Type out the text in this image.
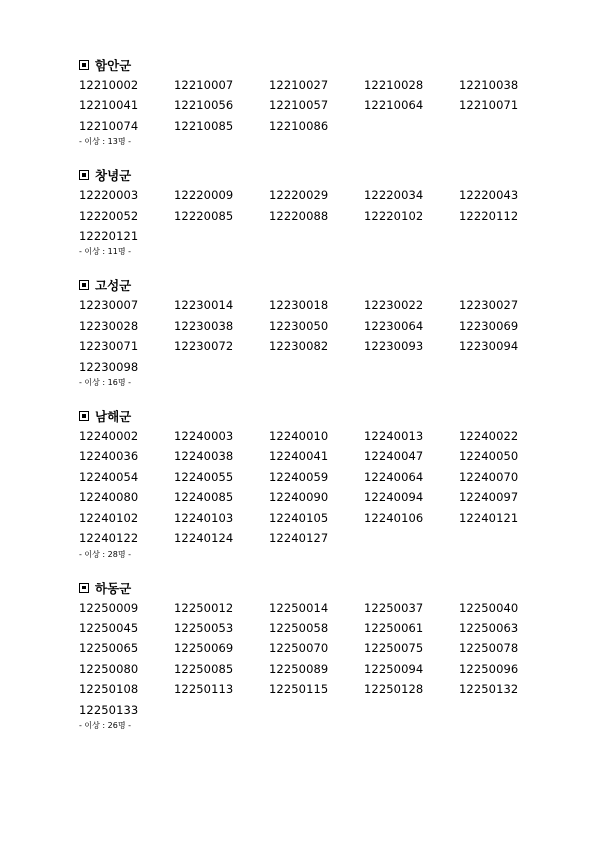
함안군
12210002	12210007	12210027	12210028	12210038
12210041	12210056	12210057	12210064	12210071
12210074	12210085	12210086
- 이상 : 13명 -
창녕군
12220003	12220009	12220029	12220034	12220043
12220052	12220085	12220088	12220102	12220112
12220121
- 이상 : 11명 -
고성군
12230007	12230014	12230018	12230022	12230027
12230028	12230038	12230050	12230064	12230069
12230071	12230072	12230082	12230093	12230094
12230098
- 이상 : 16명 -
남해군
12240002	12240003	12240010	12240013	12240022
12240036	12240038	12240041	12240047	12240050
12240054	12240055	12240059	12240064	12240070
12240080	12240085	12240090	12240094	12240097
12240102	12240103	12240105	12240106	12240121
12240122	12240124	12240127
- 이상 : 28명 -
하동군
12250009	12250012	12250014	12250037	12250040
12250045	12250053	12250058	12250061	12250063
12250065	12250069	12250070	12250075	12250078
12250080	12250085	12250089	12250094	12250096
12250108	12250113	12250115	12250128	12250132
12250133
- 이상 : 26명 -
